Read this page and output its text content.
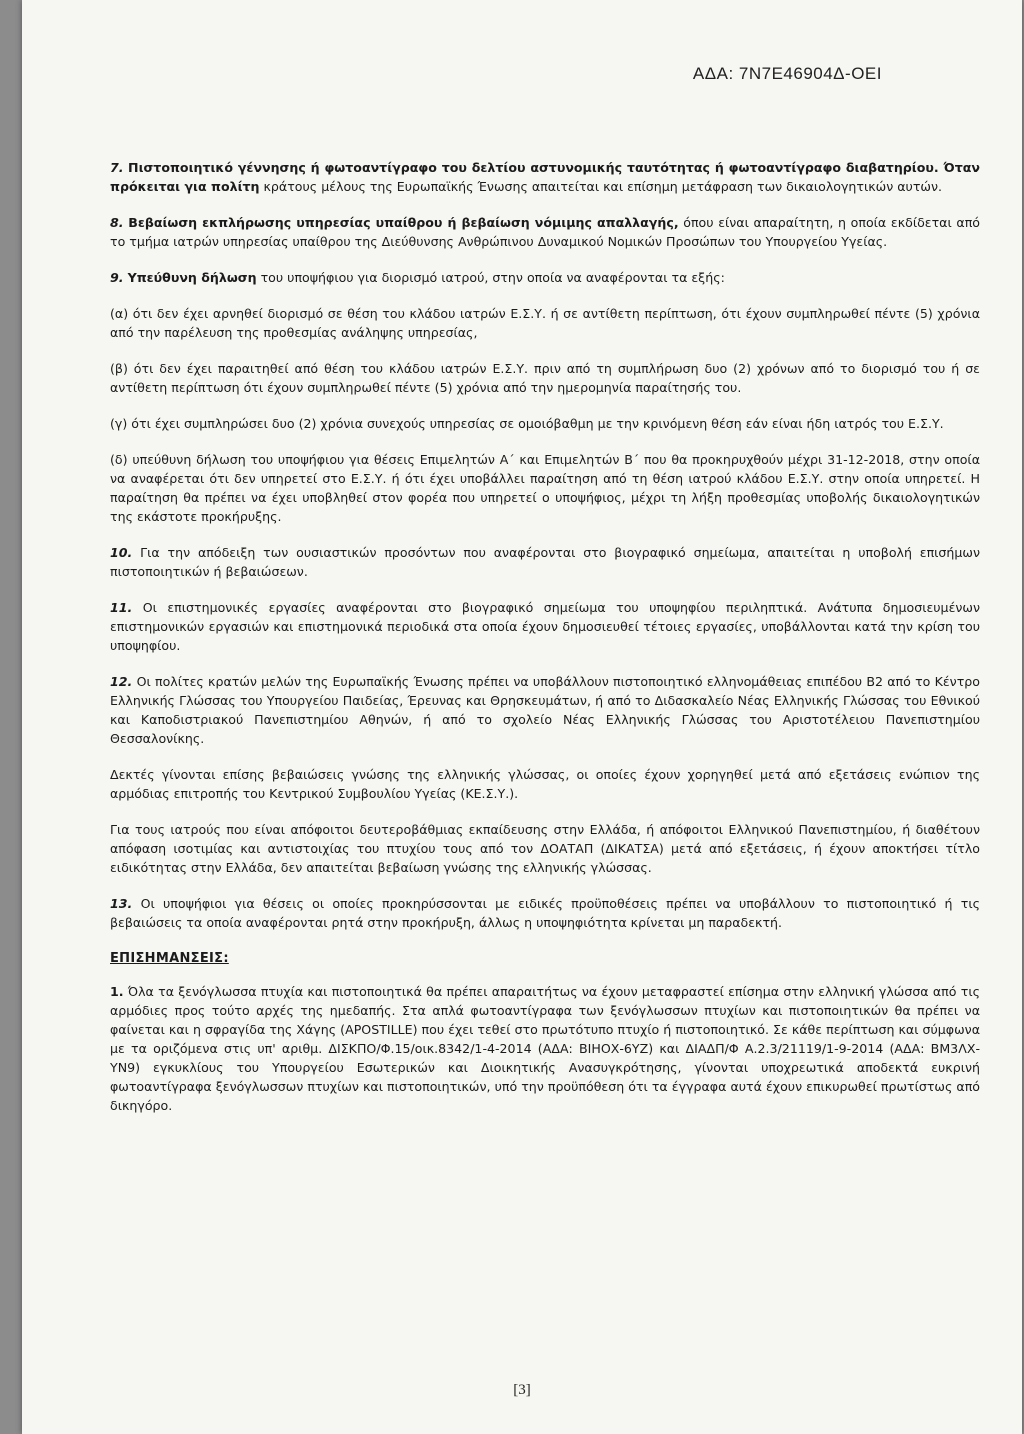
ΑΔΑ: 7Ν7Ε46904Δ-ΟΕΙ

7. Πιστοποιητικό γέννησης ή φωτοαντίγραφο του δελτίου αστυνομικής ταυτότητας ή φωτοαντίγραφο διαβατηρίου. Όταν πρόκειται για πολίτη κράτους μέλους της Ευρωπαϊκής Ένωσης απαιτείται και επίσημη μετάφραση των δικαιολογητικών αυτών.

8. Βεβαίωση εκπλήρωσης υπηρεσίας υπαίθρου ή βεβαίωση νόμιμης απαλλαγής, όπου είναι απαραίτητη, η οποία εκδίδεται από το τμήμα ιατρών υπηρεσίας υπαίθρου της Διεύθυνσης Ανθρώπινου Δυναμικού Νομικών Προσώπων του Υπουργείου Υγείας.

9. Υπεύθυνη δήλωση του υποψήφιου για διορισμό ιατρού, στην οποία να αναφέρονται τα εξής:

(α) ότι δεν έχει αρνηθεί διορισμό σε θέση του κλάδου ιατρών Ε.Σ.Υ. ή σε αντίθετη περίπτωση, ότι έχουν συμπληρωθεί πέντε (5) χρόνια από την παρέλευση της προθεσμίας ανάληψης υπηρεσίας,

(β) ότι δεν έχει παραιτηθεί από θέση του κλάδου ιατρών Ε.Σ.Υ. πριν από τη συμπλήρωση δυο (2) χρόνων από το διορισμό του ή σε αντίθετη περίπτωση ότι έχουν συμπληρωθεί πέντε (5) χρόνια από την ημερομηνία παραίτησής του.

(γ) ότι έχει συμπληρώσει δυο (2) χρόνια συνεχούς υπηρεσίας σε ομοιόβαθμη με την κρινόμενη θέση εάν είναι ήδη ιατρός του Ε.Σ.Υ.

(δ) υπεύθυνη δήλωση του υποψήφιου για θέσεις Επιμελητών Α΄ και Επιμελητών Β΄ που θα προκηρυχθούν μέχρι 31-12-2018, στην οποία να αναφέρεται ότι δεν υπηρετεί στο Ε.Σ.Υ. ή ότι έχει υποβάλλει παραίτηση από τη θέση ιατρού κλάδου Ε.Σ.Υ. στην οποία υπηρετεί. Η παραίτηση θα πρέπει να έχει υποβληθεί στον φορέα που υπηρετεί ο υποψήφιος, μέχρι τη λήξη προθεσμίας υποβολής δικαιολογητικών της εκάστοτε προκήρυξης.

10. Για την απόδειξη των ουσιαστικών προσόντων που αναφέρονται στο βιογραφικό σημείωμα, απαιτείται η υποβολή επισήμων πιστοποιητικών ή βεβαιώσεων.

11. Οι επιστημονικές εργασίες αναφέρονται στο βιογραφικό σημείωμα του υποψηφίου περιληπτικά. Ανάτυπα δημοσιευμένων επιστημονικών εργασιών και επιστημονικά περιοδικά στα οποία έχουν δημοσιευθεί τέτοιες εργασίες, υποβάλλονται κατά την κρίση του υποψηφίου.

12. Οι πολίτες κρατών μελών της Ευρωπαϊκής Ένωσης πρέπει να υποβάλλουν πιστοποιητικό ελληνομάθειας επιπέδου Β2 από το Κέντρο Ελληνικής Γλώσσας του Υπουργείου Παιδείας, Έρευνας και Θρησκευμάτων, ή από το Διδασκαλείο Νέας Ελληνικής Γλώσσας του Εθνικού και Καποδιστριακού Πανεπιστημίου Αθηνών, ή από το σχολείο Νέας Ελληνικής Γλώσσας του Αριστοτέλειου Πανεπιστημίου Θεσσαλονίκης.

Δεκτές γίνονται επίσης βεβαιώσεις γνώσης της ελληνικής γλώσσας, οι οποίες έχουν χορηγηθεί μετά από εξετάσεις ενώπιον της αρμόδιας επιτροπής του Κεντρικού Συμβουλίου Υγείας (ΚΕ.Σ.Υ.).

Για τους ιατρούς που είναι απόφοιτοι δευτεροβάθμιας εκπαίδευσης στην Ελλάδα, ή απόφοιτοι Ελληνικού Πανεπιστημίου, ή διαθέτουν απόφαση ισοτιμίας και αντιστοιχίας του πτυχίου τους από τον ΔΟΑΤΑΠ (ΔΙΚΑΤΣΑ) μετά από εξετάσεις, ή έχουν αποκτήσει τίτλο ειδικότητας στην Ελλάδα, δεν απαιτείται βεβαίωση γνώσης της ελληνικής γλώσσας.

13. Οι υποψήφιοι για θέσεις οι οποίες προκηρύσσονται με ειδικές προϋποθέσεις πρέπει να υποβάλλουν το πιστοποιητικό ή τις βεβαιώσεις τα οποία αναφέρονται ρητά στην προκήρυξη, άλλως η υποψηφιότητα κρίνεται μη παραδεκτή.

ΕΠΙΣΗΜΑΝΣΕΙΣ:

1. Όλα τα ξενόγλωσσα πτυχία και πιστοποιητικά θα πρέπει απαραιτήτως να έχουν μεταφραστεί επίσημα στην ελληνική γλώσσα από τις αρμόδιες προς τούτο αρχές της ημεδαπής. Στα απλά φωτοαντίγραφα των ξενόγλωσσων πτυχίων και πιστοποιητικών θα πρέπει να φαίνεται και η σφραγίδα της Χάγης (APOSTILLE) που έχει τεθεί στο πρωτότυπο πτυχίο ή πιστοποιητικό. Σε κάθε περίπτωση και σύμφωνα με τα οριζόμενα στις υπ' αριθμ. ΔΙΣΚΠΟ/Φ.15/οικ.8342/1-4-2014 (ΑΔΑ: ΒΙΗΟΧ-6ΥΖ) και ΔΙΑΔΠ/Φ Α.2.3/21119/1-9-2014 (ΑΔΑ: ΒΜ3ΛΧ-ΥΝ9) εγκυκλίους του Υπουργείου Εσωτερικών και Διοικητικής Ανασυγκρότησης, γίνονται υποχρεωτικά αποδεκτά ευκρινή φωτοαντίγραφα ξενόγλωσσων πτυχίων και πιστοποιητικών, υπό την προϋπόθεση ότι τα έγγραφα αυτά έχουν επικυρωθεί πρωτίστως από δικηγόρο.

[3]
